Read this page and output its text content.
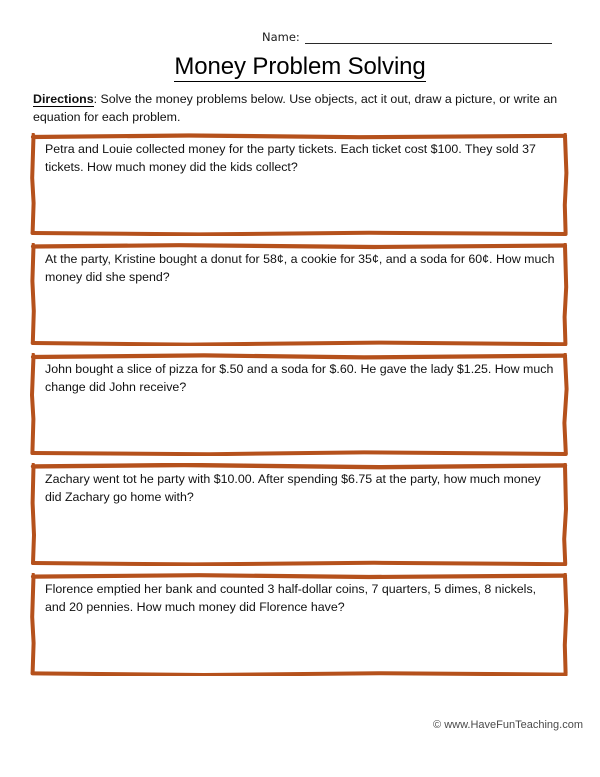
Name:
Money Problem Solving
Directions: Solve the money problems below. Use objects, act it out, draw a picture, or write an equation for each problem.
Petra and Louie collected money for the party tickets. Each ticket cost $100. They sold 37 tickets. How much money did the kids collect?
At the party, Kristine bought a donut for 58¢, a cookie for 35¢, and a soda for 60¢. How much money did she spend?
John bought a slice of pizza for $.50 and a soda for $.60. He gave the lady $1.25. How much change did John receive?
Zachary went tot he party with $10.00. After spending $6.75 at the party, how much money did Zachary go home with?
Florence emptied her bank and counted 3 half-dollar coins, 7 quarters, 5 dimes, 8 nickels, and 20 pennies. How much money did Florence have?
© www.HaveFunTeaching.com
